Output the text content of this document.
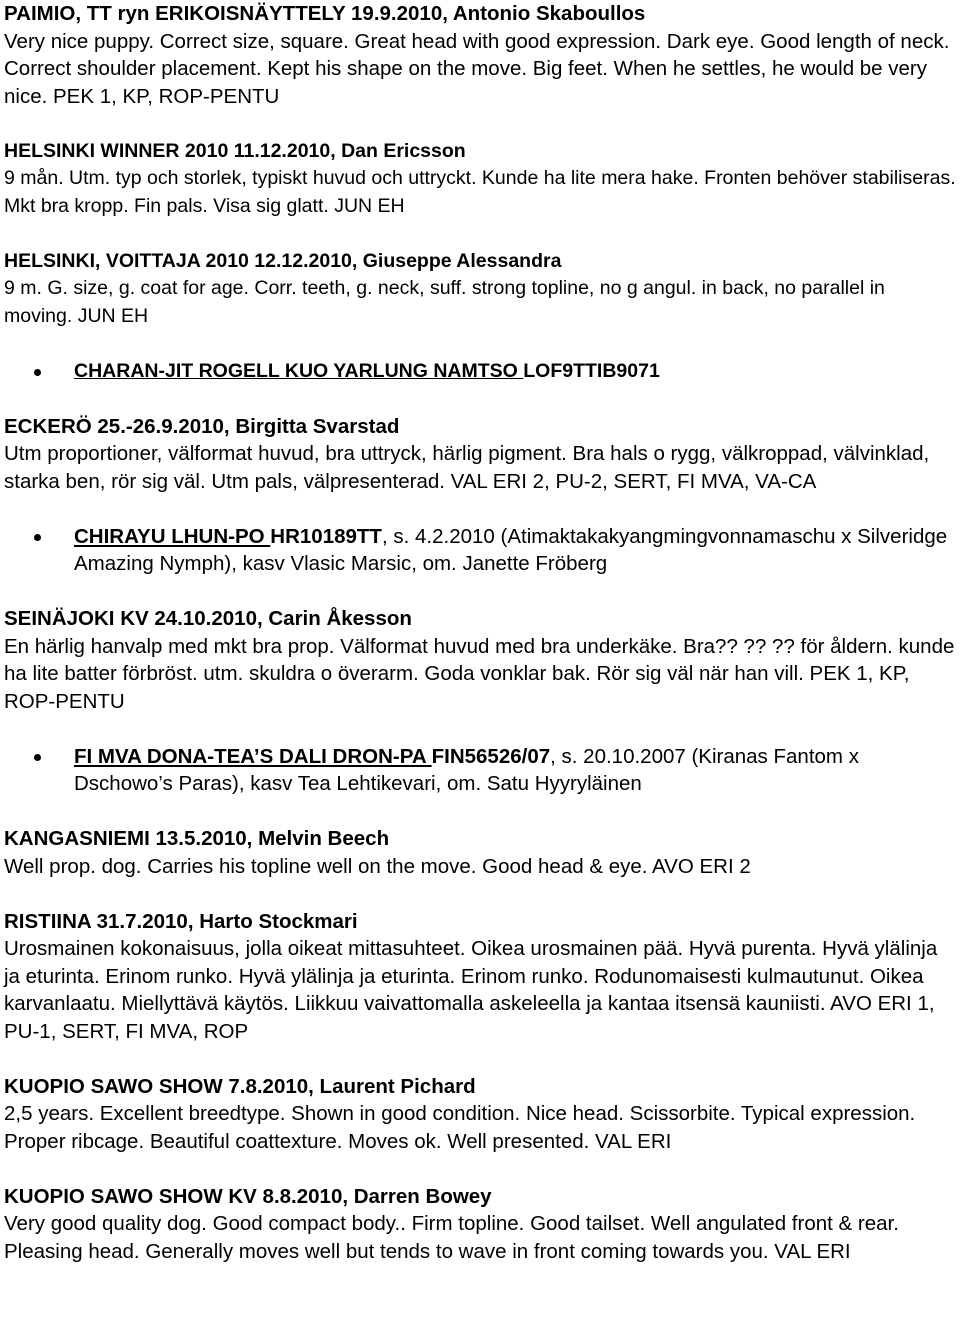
PAIMIO, TT ryn ERIKOISNÄYTTELY 19.9.2010, Antonio Skaboullos

Very nice puppy. Correct size, square. Great head with good expression. Dark eye. Good length of neck. Correct shoulder placement. Kept his shape on the move. Big feet. When he settles, he would be very nice. PEK 1, KP, ROP-PENTU

HELSINKI WINNER 2010 11.12.2010, Dan Ericsson

9 mån. Utm. typ och storlek, typiskt huvud och uttryckt. Kunde ha lite mera hake. Fronten behöver stabiliseras. Mkt bra kropp. Fin pals. Visa sig glatt. JUN EH

HELSINKI, VOITTAJA 2010 12.12.2010, Giuseppe Alessandra

9 m. G. size, g. coat for age. Corr. teeth, g. neck, suff. strong topline, no g angul. in back, no parallel in moving. JUN EH

CHARAN-JIT ROGELL KUO YARLUNG NAMTSO LOF9TTIB9071

ECKERÖ 25.-26.9.2010, Birgitta Svarstad

Utm proportioner, välformat huvud, bra uttryck, härlig pigment. Bra hals o rygg, välkroppad, välvinklad, starka ben, rör sig väl. Utm pals, välpresenterad. VAL ERI 2, PU-2, SERT, FI MVA, VA-CA

CHIRAYU LHUN-PO HR10189TT, s. 4.2.2010 (Atimaktakakyangmingvonnamaschu x Silveridge Amazing Nymph), kasv Vlasic Marsic, om. Janette Fröberg

SEINÄJOKI KV 24.10.2010, Carin Åkesson

En härlig hanvalp med mkt bra prop. Välformat huvud med bra underkäke. Bra?? ?? ?? för åldern. kunde ha lite batter förbröst. utm. skuldra o överarm. Goda vonklar bak. Rör sig väl när han vill. PEK 1, KP, ROP-PENTU

FI MVA DONA-TEA’S DALI DRON-PA FIN56526/07, s. 20.10.2007 (Kiranas Fantom x Dschowo’s Paras), kasv Tea Lehtikevari, om. Satu Hyyryläinen

KANGASNIEMI 13.5.2010, Melvin Beech

Well prop. dog. Carries his topline well on the move. Good head & eye. AVO ERI 2

RISTIINA 31.7.2010, Harto Stockmari

Urosmainen kokonaisuus, jolla oikeat mittasuhteet. Oikea urosmainen pää. Hyvä purenta. Hyvä ylälinja ja eturinta. Erinom runko. Hyvä ylälinja ja eturinta. Erinom runko. Rodunomaisesti kulmautunut. Oikea karvanlaatu. Miellyttävä käytös. Liikkuu vaivattomalla askeleella ja kantaa itsensä kauniisti. AVO ERI 1, PU-1, SERT, FI MVA, ROP

KUOPIO SAWO SHOW 7.8.2010, Laurent Pichard

2,5 years. Excellent breedtype. Shown in good condition. Nice head. Scissorbite. Typical expression. Proper ribcage. Beautiful coattexture. Moves ok. Well presented. VAL ERI

KUOPIO SAWO SHOW KV 8.8.2010, Darren Bowey

Very good quality dog. Good compact body.. Firm topline. Good tailset. Well angulated front & rear. Pleasing head. Generally moves well but tends to wave in front coming towards you. VAL ERI
